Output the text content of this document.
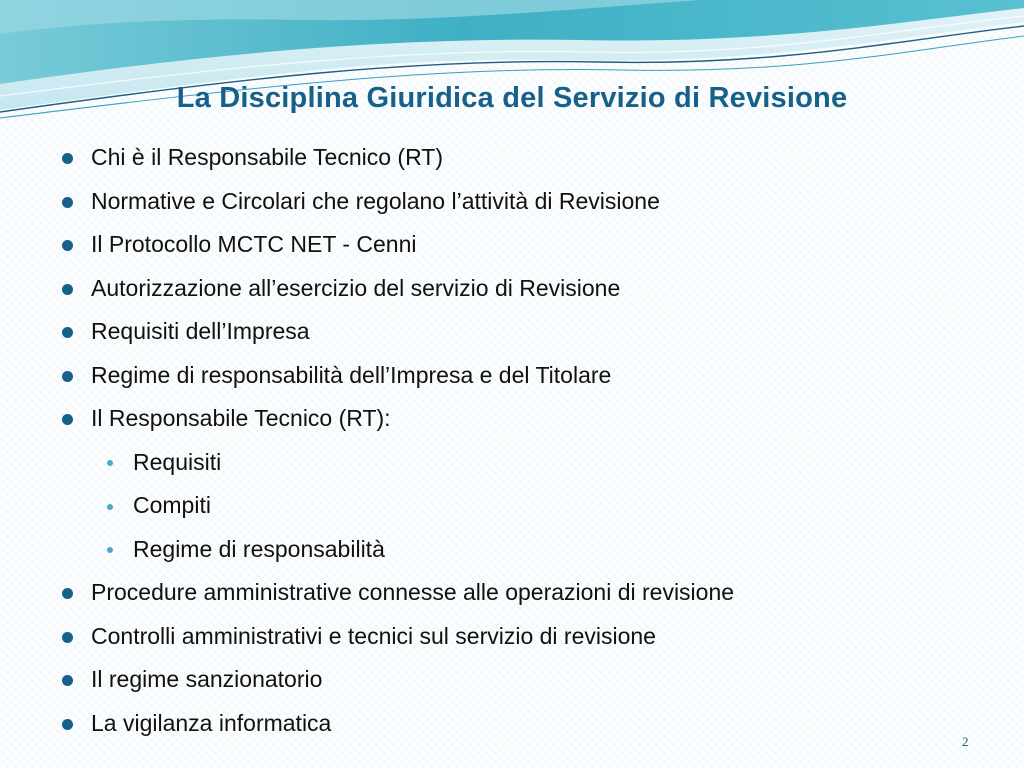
La Disciplina Giuridica del Servizio di Revisione
Chi è il Responsabile Tecnico (RT)
Normative e Circolari che regolano l’attività di Revisione
Il Protocollo MCTC NET - Cenni
Autorizzazione all’esercizio del servizio di Revisione
Requisiti dell’Impresa
Regime di responsabilità dell’Impresa e del Titolare
Il Responsabile Tecnico (RT):
Requisiti
Compiti
Regime di responsabilità
Procedure amministrative connesse alle operazioni di revisione
Controlli amministrativi e tecnici sul servizio di revisione
Il regime sanzionatorio
La vigilanza informatica
2
